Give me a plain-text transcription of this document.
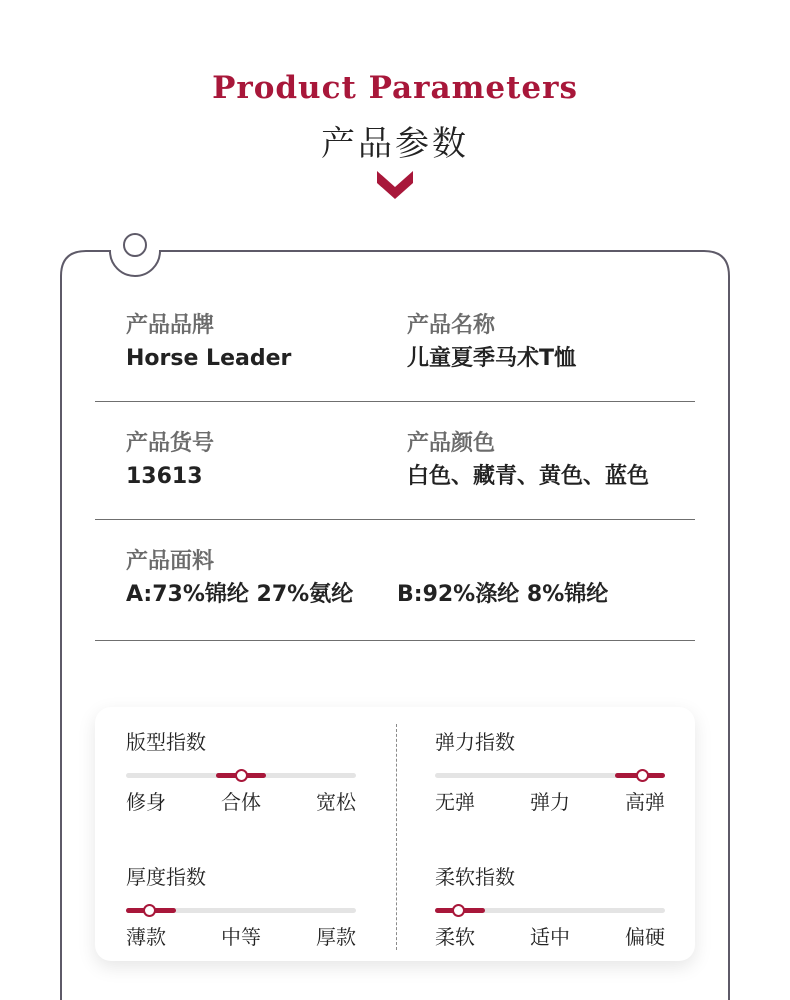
Product Parameters
产品参数
产品品牌
Horse Leader
产品名称
儿童夏季马术T恤
产品货号
13613
产品颜色
白色、藏青、黄色、蓝色
产品面料
A:73%锦纶 27%氨纶 B:92%涤纶 8%锦纶
版型指数
修身	合体	宽松
弹力指数
无弹	弹力	高弹
厚度指数
薄款	中等	厚款
柔软指数
柔软	适中	偏硬
